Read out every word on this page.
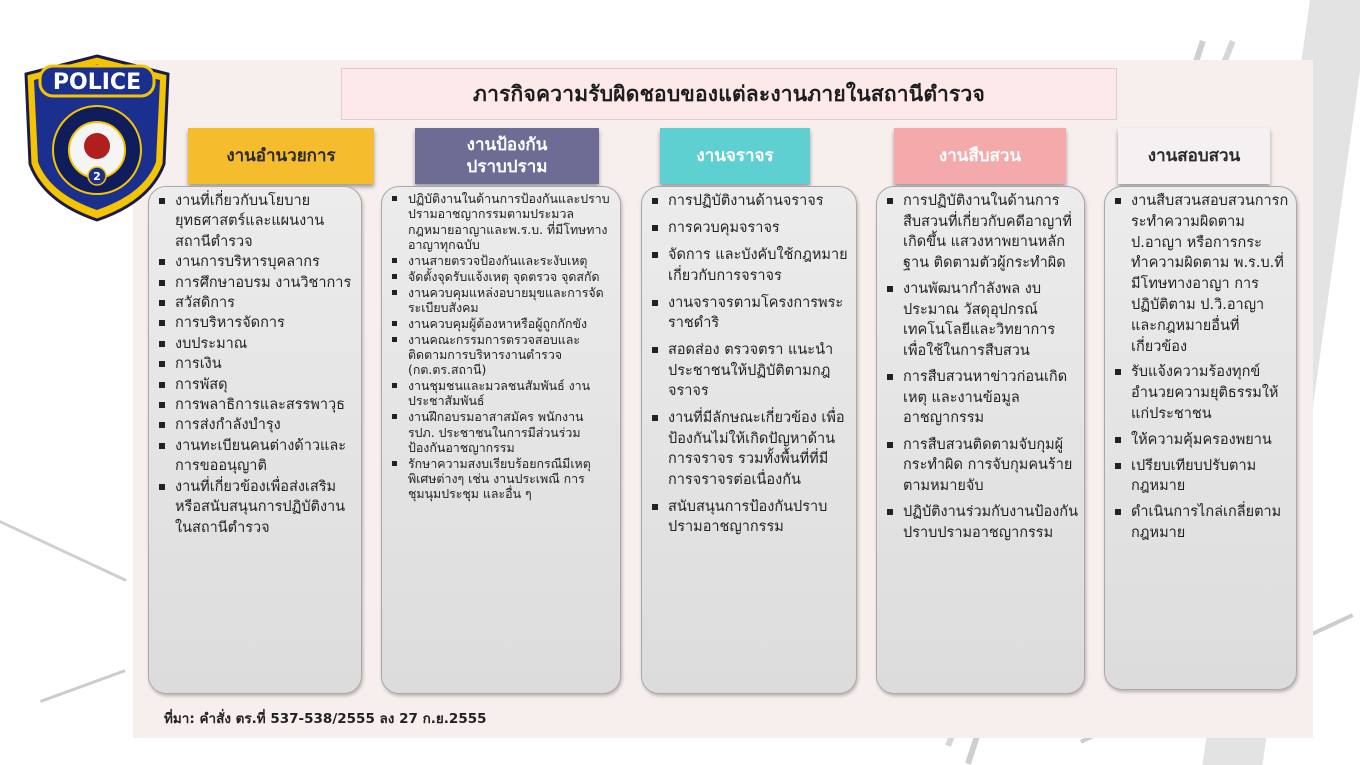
POLICE
2
ภารกิจความรับผิดชอบของแต่ละงานภายในสถานีตำรวจ
งานอำนวยการ
งานป้องกัน
ปราบปราม
งานจราจร	งานสืบสวน	งานสอบสวน
งานที่เกี่ยวกับนโยบาย ยุทธศาสตร์และแผนงานสถานีตำรวจ
งานการบริหารบุคลากร
การศึกษาอบรม งานวิชาการ
สวัสดิการ
การบริหารจัดการ
งบประมาณ
การเงิน
การพัสดุ
การพลาธิการและสรรพาวุธ
การส่งกำลังบำรุง
งานทะเบียนคนต่างด้าวและการขออนุญาติ
งานที่เกี่ยวข้องเพื่อส่งเสริมหรือสนับสนุนการปฏิบัติงานในสถานีตำรวจ
ปฏิบัติงานในด้านการป้องกันและปราบปรามอาชญากรรมตามประมวลกฎหมายอาญาและพ.ร.บ. ที่มีโทษทางอาญาทุกฉบับ
งานสายตรวจป้องกันและระงับเหตุ
จัดตั้งจุดรับแจ้งเหตุ จุดตรวจ จุดสกัด
งานควบคุมแหล่งอบายมุขและการจัดระเบียบสังคม
งานควบคุมผู้ต้องหาหรือผู้ถูกกักขัง
งานคณะกรรมการตรวจสอบและติดตามการบริหารงานตำรวจ (กต.ตร.สถานี)
งานชุมชนและมวลชนสัมพันธ์ งานประชาสัมพันธ์
งานฝึกอบรมอาสาสมัคร พนักงาน รปภ. ประชาชนในการมีส่วนร่วมป้องกันอาชญากรรม
รักษาความสงบเรียบร้อยกรณีมีเหตุพิเศษต่างๆ เช่น งานประเพณี การชุมนุมประชุม และอื่น ๆ
การปฏิบัติงานด้านจราจร
การควบคุมจราจร
จัดการ และบังคับใช้กฎหมายเกี่ยวกับการจราจร
งานจราจรตามโครงการพระราชดำริ
สอดส่อง ตรวจตรา แนะนำประชาชนให้ปฏิบัติตามกฎจราจร
งานที่มีลักษณะเกี่ยวข้อง เพื่อป้องกันไม่ให้เกิดปัญหาด้านการจราจร รวมทั้งพื้นที่ที่มีการจราจรต่อเนื่องกัน
สนับสนุนการป้องกันปราบปรามอาชญากรรม
การปฏิบัติงานในด้านการสืบสวนที่เกี่ยวกับคดีอาญาที่เกิดขึ้น แสวงหาพยานหลักฐาน ติดตามตัวผู้กระทำผิด
งานพัฒนากำลังพล งบประมาณ วัสดุอุปกรณ์ เทคโนโลยีและวิทยาการ เพื่อใช้ในการสืบสวน
การสืบสวนหาข่าวก่อนเกิดเหตุ และงานข้อมูลอาชญากรรม
การสืบสวนติดตามจับกุมผู้กระทำผิด การจับกุมคนร้ายตามหมายจับ
ปฏิบัติงานร่วมกับงานป้องกันปราบปรามอาชญากรรม
งานสืบสวนสอบสวนการกระทำความผิดตาม ป.อาญา หรือการกระทำความผิดตาม พ.ร.บ.ที่มีโทษทางอาญา การปฏิบัติตาม ป.วิ.อาญา และกฎหมายอื่นที่เกี่ยวข้อง
รับแจ้งความร้องทุกข์ อำนวยความยุติธรรมให้แก่ประชาชน
ให้ความคุ้มครองพยาน
เปรียบเทียบปรับตามกฎหมาย
ดำเนินการไกล่เกลี่ยตามกฎหมาย
ที่มา: คำสั่ง ตร.ที่ 537-538/2555 ลง 27 ก.ย.2555
